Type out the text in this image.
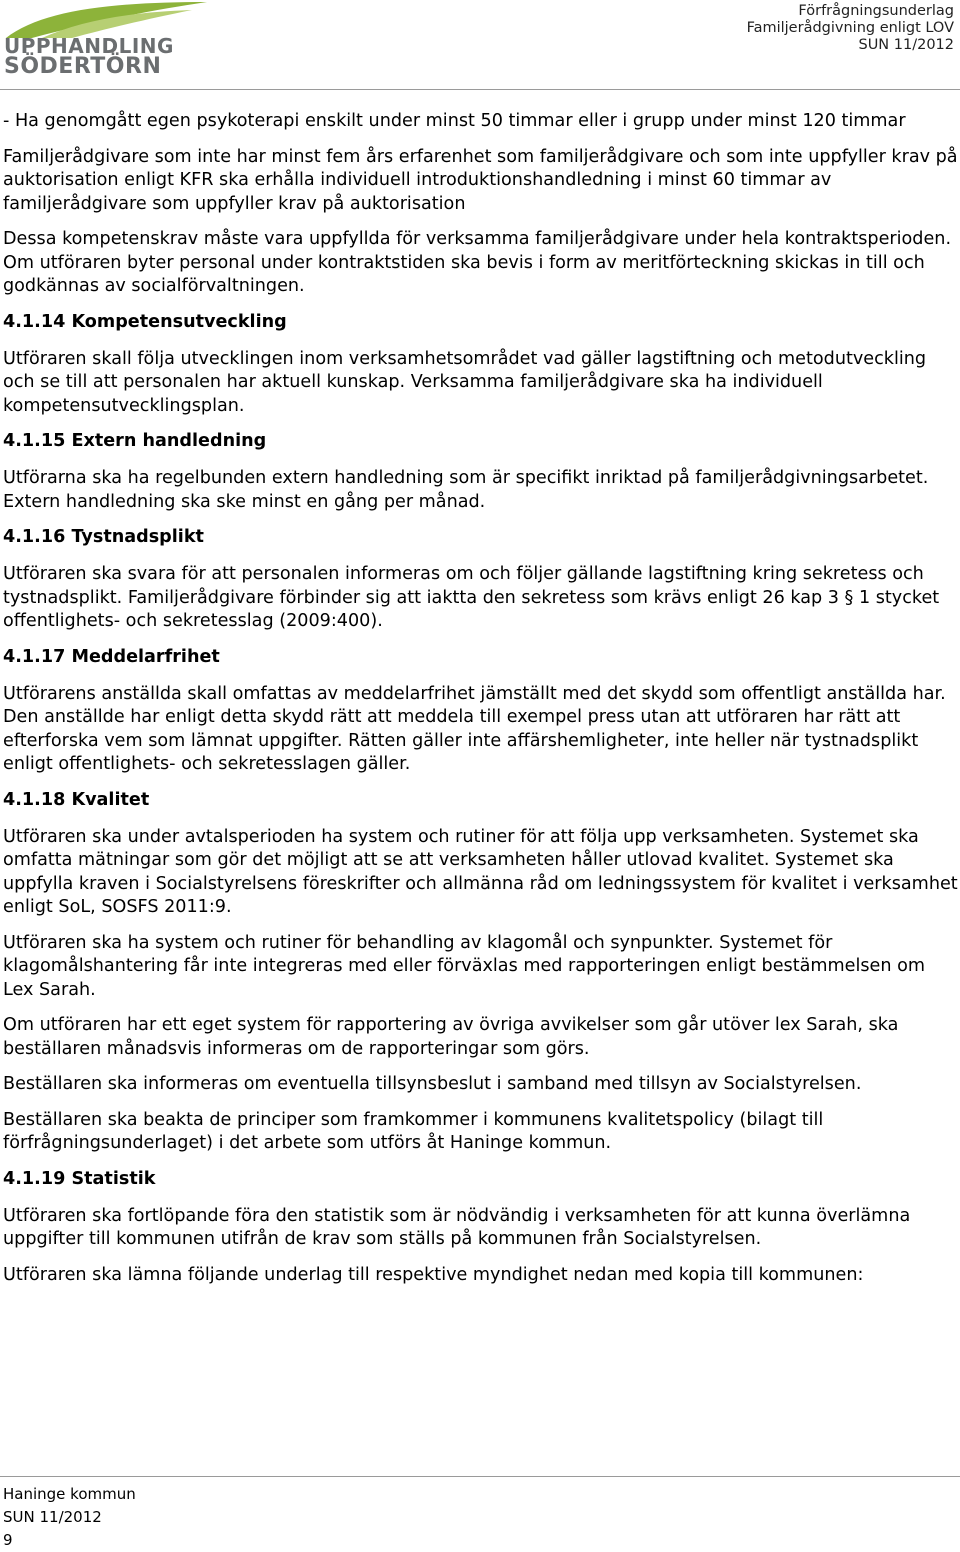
UPPHANDLING
SÖDERTÖRN
Förfrågningsunderlag
Familjerådgivning enligt LOV
SUN 11/2012

- Ha genomgått egen psykoterapi enskilt under minst 50 timmar eller i grupp under minst 120 timmar

Familjerådgivare som inte har minst fem års erfarenhet som familjerådgivare och som inte uppfyller krav på auktorisation enligt KFR ska erhålla individuell introduktionshandledning i minst 60 timmar av familjerådgivare som uppfyller krav på auktorisation

Dessa kompetenskrav måste vara uppfyllda för verksamma familjerådgivare under hela kontraktsperioden. Om utföraren byter personal under kontraktstiden ska bevis i form av meritförteckning skickas in till och godkännas av socialförvaltningen.

4.1.14 Kompetensutveckling

Utföraren skall följa utvecklingen inom verksamhetsområdet vad gäller lagstiftning och metodutveckling och se till att personalen har aktuell kunskap. Verksamma familjerådgivare ska ha individuell kompetensutvecklingsplan.

4.1.15 Extern handledning

Utförarna ska ha regelbunden extern handledning som är specifikt inriktad på familjerådgivningsarbetet. Extern handledning ska ske minst en gång per månad.

4.1.16 Tystnadsplikt

Utföraren ska svara för att personalen informeras om och följer gällande lagstiftning kring sekretess och tystnadsplikt. Familjerådgivare förbinder sig att iaktta den sekretess som krävs enligt 26 kap 3 § 1 stycket offentlighets- och sekretesslag (2009:400).

4.1.17 Meddelarfrihet

Utförarens anställda skall omfattas av meddelarfrihet jämställt med det skydd som offentligt anställda har. Den anställde har enligt detta skydd rätt att meddela till exempel press utan att utföraren har rätt att efterforska vem som lämnat uppgifter. Rätten gäller inte affärshemligheter, inte heller när tystnadsplikt enligt offentlighets- och sekretesslagen gäller.

4.1.18 Kvalitet

Utföraren ska under avtalsperioden ha system och rutiner för att följa upp verksamheten. Systemet ska omfatta mätningar som gör det möjligt att se att verksamheten håller utlovad kvalitet. Systemet ska uppfylla kraven i Socialstyrelsens föreskrifter och allmänna råd om ledningssystem för kvalitet i verksamhet enligt SoL, SOSFS 2011:9.

Utföraren ska ha system och rutiner för behandling av klagomål och synpunkter. Systemet för klagomålshantering får inte integreras med eller förväxlas med rapporteringen enligt bestämmelsen om Lex Sarah.

Om utföraren har ett eget system för rapportering av övriga avvikelser som går utöver lex Sarah, ska beställaren månadsvis informeras om de rapporteringar som görs.

Beställaren ska informeras om eventuella tillsynsbeslut i samband med tillsyn av Socialstyrelsen.

Beställaren ska beakta de principer som framkommer i kommunens kvalitetspolicy (bilagt till förfrågningsunderlaget) i det arbete som utförs åt Haninge kommun.

4.1.19 Statistik

Utföraren ska fortlöpande föra den statistik som är nödvändig i verksamheten för att kunna överlämna uppgifter till kommunen utifrån de krav som ställs på kommunen från Socialstyrelsen.

Utföraren ska lämna följande underlag till respektive myndighet nedan med kopia till kommunen:

Haninge kommun
SUN 11/2012
9
